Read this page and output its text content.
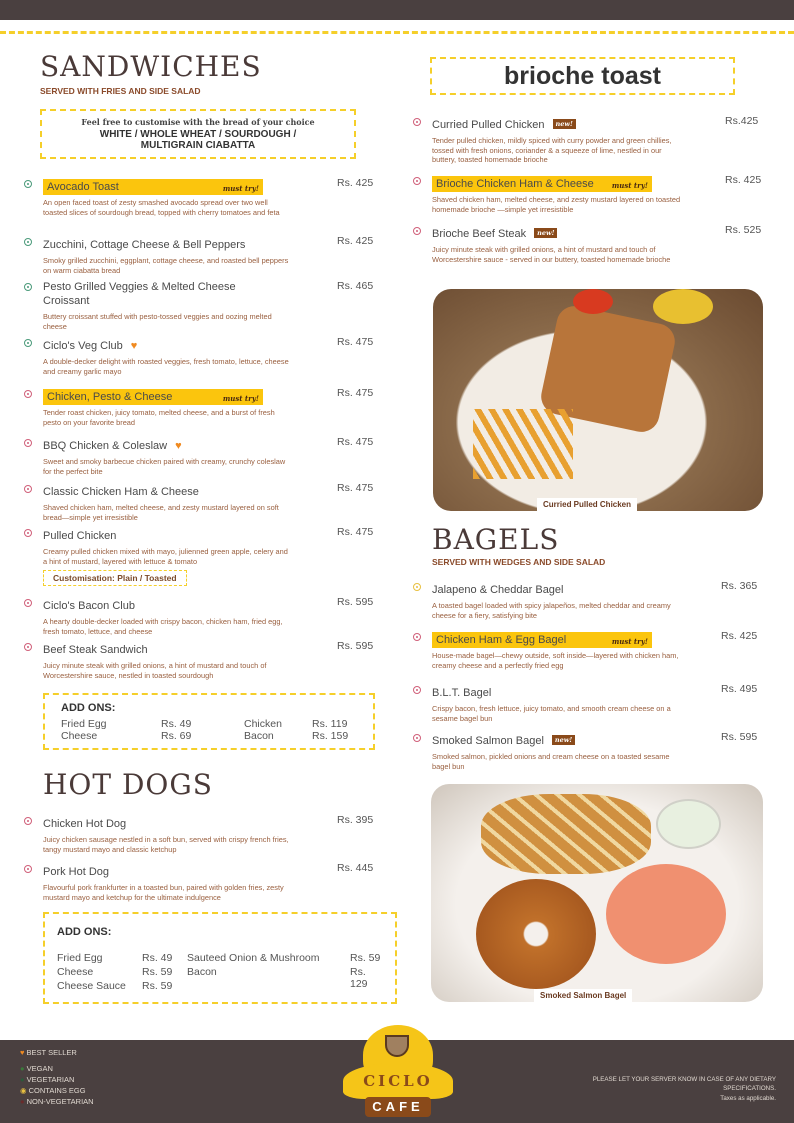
SANDWICHES
SERVED WITH FRIES AND SIDE SALAD
Feel free to customise with the bread of your choice
WHITE / WHOLE WHEAT / SOURDOUGH / MULTIGRAIN CIABATTA
Avocado Toast	must try!
An open faced toast of zesty smashed avocado spread over two well toasted slices of sourdough bread, topped with cherry tomatoes and feta
Rs. 425
Zucchini, Cottage Cheese & Bell Peppers
Smoky grilled zucchini, eggplant, cottage cheese, and roasted bell peppers on warm ciabatta bread
Rs. 425
Pesto Grilled Veggies & Melted Cheese Croissant
Buttery croissant stuffed with pesto-tossed veggies and oozing melted cheese
Rs. 465
Ciclo's Veg Club ♥
A double-decker delight with roasted veggies, fresh tomato, lettuce, cheese and creamy garlic mayo
Rs. 475
Chicken, Pesto & Cheese	must try!
Tender roast chicken, juicy tomato, melted cheese, and a burst of fresh pesto on your favorite bread
Rs. 475
BBQ Chicken & Coleslaw ♥
Sweet and smoky barbecue chicken paired with creamy, crunchy coleslaw for the perfect bite
Rs. 475
Classic Chicken Ham & Cheese
Shaved chicken ham, melted cheese, and zesty mustard layered on soft bread—simple yet irresistible
Rs. 475
Pulled Chicken
Creamy pulled chicken mixed with mayo, julienned green apple, celery and a hint of mustard, layered with lettuce & tomato
Rs. 475
Ciclo's Bacon Club
A hearty double-decker loaded with crispy bacon, chicken ham, fried egg, fresh tomato, lettuce, and cheese
Rs. 595
Beef Steak Sandwich
Juicy minute steak with grilled onions, a hint of mustard and touch of Worcestershire sauce, nestled in toasted sourdough
Rs. 595
Customisation: Plain / Toasted
ADD ONS:
Fried Egg	Rs. 49
Cheese	Rs. 69
Chicken	Rs. 119
Bacon	Rs. 159
HOT DOGS
Chicken Hot Dog
Juicy chicken sausage nestled in a soft bun, served with crispy french fries, tangy mustard mayo and classic ketchup
Rs. 395
Pork Hot Dog
Flavourful pork frankfurter in a toasted bun, paired with golden fries, zesty mustard mayo and ketchup for the ultimate indulgence
Rs. 445
ADD ONS:
Fried Egg	Rs. 49
Cheese	Rs. 59
Cheese Sauce Rs. 59
Sauteed Onion & Mushroom	Rs. 59
Bacon	Rs. 129
brioche toast
Curried Pulled Chicken new!
Tender pulled chicken, mildly spiced with curry powder and green chillies, tossed with fresh onions, coriander & a squeeze of lime, nestled in our buttery, toasted homemade brioche
Rs.425
Brioche Chicken Ham & Cheese	must try!
Shaved chicken ham, melted cheese, and zesty mustard layered on toasted homemade brioche —simple yet irresistible
Rs. 425
Brioche Beef Steak new!
Juicy minute steak with grilled onions, a hint of mustard and touch of Worcestershire sauce - served in our buttery, toasted homemade brioche
Rs. 525
Curried Pulled Chicken
BAGELS
SERVED WITH WEDGES AND SIDE SALAD
Jalapeno & Cheddar Bagel
A toasted bagel loaded with spicy jalapeños, melted cheddar and creamy cheese for a fiery, satisfying bite
Rs. 365
Chicken Ham & Egg Bagel	must try!
House-made bagel—chewy outside, soft inside—layered with chicken ham, creamy cheese and a perfectly fried egg
Rs. 425
B.L.T. Bagel
Crispy bacon, fresh lettuce, juicy tomato, and smooth cream cheese on a sesame bagel bun
Rs. 495
Smoked Salmon Bagel new!
Smoked salmon, pickled onions and cream cheese on a toasted sesame bagel bun
Rs. 595
Smoked Salmon Bagel
♥ BEST SELLER
● VEGAN
● VEGETARIAN
◉ CONTAINS EGG
● NON-VEGETARIAN
CICLO
CAFE
PLEASE LET YOUR SERVER KNOW IN CASE OF ANY DIETARY SPECIFICATIONS.
Taxes as applicable.
